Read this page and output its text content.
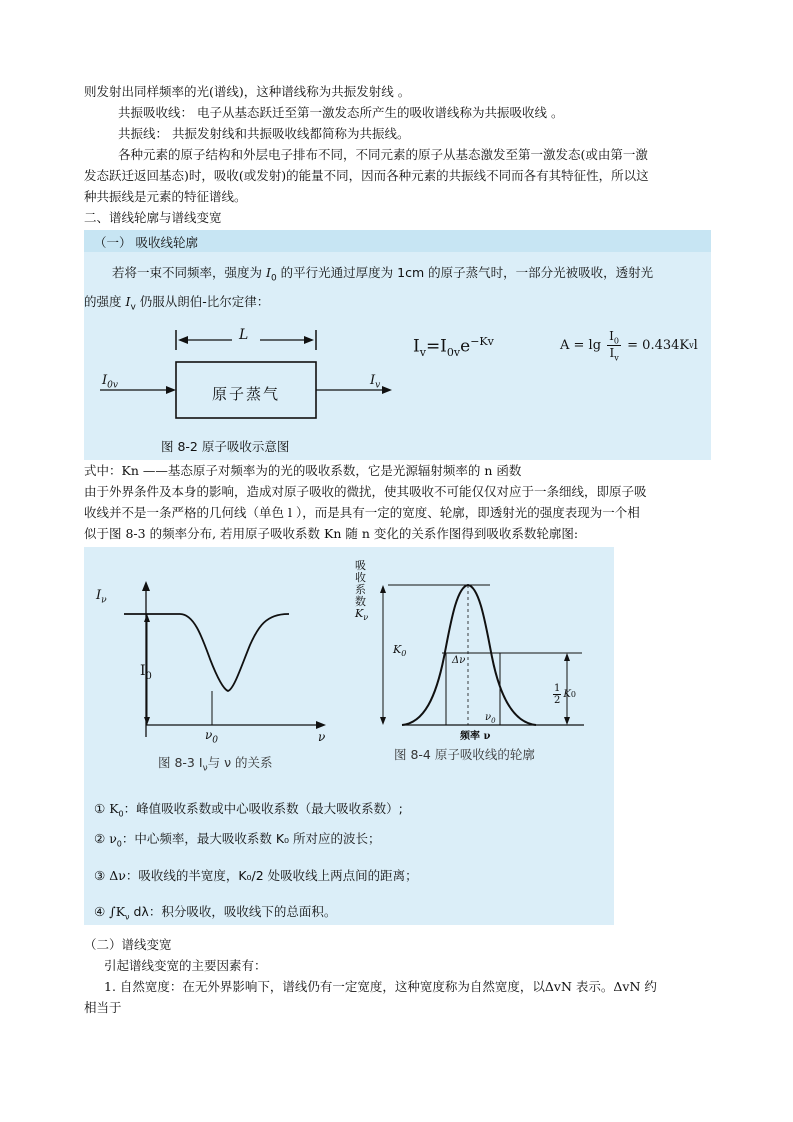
则发射出同样频率的光(谱线)，这种谱线称为共振发射线 。
共振吸收线： 电子从基态跃迁至第一激发态所产生的吸收谱线称为共振吸收线 。
共振线： 共振发射线和共振吸收线都简称为共振线。
各种元素的原子结构和外层电子排布不同，不同元素的原子从基态激发至第一激发态(或由第一激
发态跃迁返回基态)时，吸收(或发射)的能量不同，因而各种元素的共振线不同而各有其特征性，所以这
种共振线是元素的特征谱线。
二、谱线轮廓与谱线变宽
（一） 吸收线轮廓
若将一束不同频率，强度为 $I_0$ 的平行光通过厚度为 1cm 的原子蒸气时，一部分光被吸收，透射光
的强度 $I_v$ 仍服从朗伯-比尔定律：
L
$I_{0v}$	$I_v$
原子蒸气
$I_v=I_{0v}e^{-Kv}$	$A = \lg \frac{I_0}{I_v} = 0.434K$ v l
图 8-2 原子吸收示意图
式中：Kn ——基态原子对频率为的光的吸收系数，它是光源辐射频率的 n 函数
由于外界条件及本身的影响，造成对原子吸收的微扰，使其吸收不可能仅仅对应于一条细线，即原子吸
收线并不是一条严格的几何线（单色 l ），而是具有一定的宽度、轮廓，即透射光的强度表现为一个相
似于图 8-3 的频率分布, 若用原子吸收系数 Kn 随 n 变化的关系作图得到吸收系数轮廓图:
$I_\nu$
$I_0$
$\nu_0$	ν
图 8-3 $I_\nu$与 ν 的关系
吸
收
系
数
$K_\nu$
$K_0$
Δν
$\frac{1}{2}$ K 0
$\nu_0$
频率 ν
图 8-4 原子吸收线的轮廓
① $K_0$：峰值吸收系数或中心吸收系数（最大吸收系数）;
② $\nu_0$：中心频率，最大吸收系数 K₀ 所对应的波长；
③ Δν：吸收线的半宽度，K₀/2 处吸收线上两点间的距离；
④ $\int K_\nu$ dλ：积分吸收，吸收线下的总面积。
（二）谱线变宽
引起谱线变宽的主要因素有：
1. 自然宽度：在无外界影响下，谱线仍有一定宽度，这种宽度称为自然宽度，以ΔvN 表示。ΔvN 约
相当于
